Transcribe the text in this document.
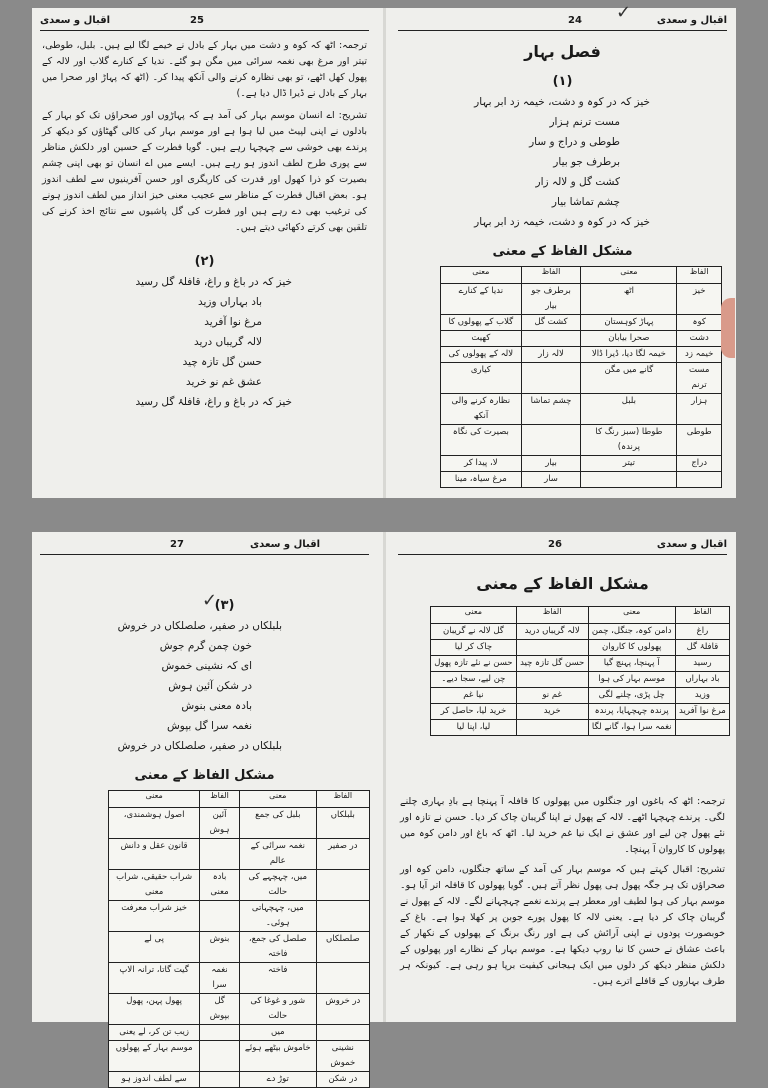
25
اقبال و سعدی

ترجمہ: اٹھ کہ کوہ و دشت میں بہار کے بادل نے خیمے لگا لیے ہیں۔ بلبل، طوطی، تیتر اور مرغ بھی نغمہ سرائی میں مگن ہو گئے۔ ندیا کے کنارے گلاب اور لالہ کے پھول کھل اٹھے، تو بھی نظارہ کرنے والی آنکھ پیدا کر۔ (اٹھ کہ پہاڑ اور صحرا میں بہار کے بادل نے ڈیرا ڈال دیا ہے۔)

تشریح: اے انسان موسم بہار کی آمد ہے کہ پہاڑوں اور صحراؤں تک کو بہار کے بادلوں نے اپنی لپیٹ میں لیا ہوا ہے اور موسم بہار کی کالی گھٹاؤں کو دیکھ کر پرندے بھی خوشی سے چہچہا رہے ہیں۔ گویا فطرت کے حسین اور دلکش مناظر سے پوری طرح لطف اندوز ہو رہے ہیں۔ ایسے میں اے انسان تو بھی اپنی چشم بصیرت کو ذرا کھول اور قدرت کی کاریگری اور حسن آفرینیوں سے لطف اندوز ہو۔ بعض اقبال فطرت کے مناظر سے عجیب معنی خیز انداز میں لطف اندوز ہونے کی ترغیب بھی دے رہے ہیں اور فطرت کی گل پاشیوں سے نتائج اخذ کرنے کی تلقین بھی کرتے دکھائی دیتے ہیں۔

(۲)
خیز کہ در باغ و راغ، قافلۂ گل رسید
باد بہاراں وزید
مرغ نوا آفرید
لالہ گریباں درید
حسن گل تازہ چید
عشق غم نو خرید
خیز کہ در باغ و راغ، قافلۂ گل رسید
24	اقبال و سعدی
✓
فصل بہار
(۱)
خیز کہ در کوہ و دشت، خیمہ زد ابر بہار
مست ترنم ہزار
طوطی و دراج و سار
برطرف جو بیار
کشت گل و لالہ زار
چشم تماشا بیار
خیز کہ در کوہ و دشت، خیمہ زد ابر بہار
مشکل الفاظ کے معنی
الفاظ	معنی	الفاظ	معنی
خیز	اٹھ	برطرف جو بیار	ندیا کے کنارے
کوہ	پہاڑ کوہستان	کشت گل	گلاب کے پھولوں کا
دشت	صحرا بیابان		کھیت
خیمہ زد	خیمہ لگا دیا، ڈیرا ڈالا	لالہ زار	لالہ کے پھولوں کی
مست ترنم	گانے میں مگن		کیاری
ہزار	بلبل	چشم تماشا	نظارہ کرنے والی آنکھ
طوطی	طوطا (سبز رنگ کا پرندہ)		بصیرت کی نگاہ
دراج	تیتر	بیار	لا، پیدا کر
		سار	مرغ سیاہ، مینا
27	اقبال و سعدی
✓
(۳)
بلبلکاں در صفیر، صلصلکاں در خروش
خون چمن گرم جوش
ای کہ نشینی خموش
در شکن آئین ہوش
بادہ معنی بنوش
نغمہ سرا گل بپوش
بلبلکاں در صفیر، صلصلکاں در خروش
مشکل الفاظ کے معنی
الفاظ	معنی	الفاظ	معنی
بلبلکاں	بلبل کی جمع	آئین ہوش	اصول ہوشمندی،
در صفیر	نغمہ سرائی کے عالم		قانون عقل و دانش
	میں، چہچہے کی حالت	بادہ معنی	شراب حقیقی، شراب معنی
	میں، چہچہاتی ہوئی۔		خیز شراب معرفت
صلصلکاں	صلصل کی جمع، فاختہ	بنوش	پی لے
	فاختہ	نغمہ سرا	گیت گاتا، ترانہ الاپ
در خروش	شور و غوغا کی حالت	گل بپوش	پھول پہن، پھول
	میں		زیب تن کر، لے یعنی
نشینی خموش	خاموش بیٹھے ہوئے		موسم بہار کے پھولوں
در شکن	توڑ دے		سے لطف اندوز ہو
26	اقبال و سعدی
مشکل الفاظ کے معنی
الفاظ	معنی	الفاظ	معنی
راغ	دامن کوہ، جنگل، چمن	لالہ گریباں درید	گل لالہ نے گریبان
قافلۂ گل	پھولوں کا کاروان		چاک کر لیا
رسید	آ پہنچا، پہنچ گیا	حسن گل تازہ چید	حسن نے نئے تازہ پھول
باد بہاراں	موسم بہار کی ہوا		چن لیے، سجا دیے۔
وزید	چل پڑی، چلنے لگی	غم نو	نیا غم
مرغ نوا آفرید	پرندہ چہچہایا، پرندہ	خرید	خرید لیا، حاصل کر
	نغمہ سرا ہوا، گانے لگا		لیا، اپنا لیا

ترجمہ: اٹھ کہ باغوں اور جنگلوں میں پھولوں کا قافلہ آ پہنچا ہے بادِ بہاری چلنے لگی۔ پرندے چہچہا اٹھے۔ لالہ کے پھول نے اپنا گریبان چاک کر دیا۔ حسن نے تازہ اور نئے پھول چن لیے اور عشق نے ایک نیا غم خرید لیا۔ اٹھ کہ باغ اور دامن کوہ میں پھولوں کا کاروان آ پہنچا۔

تشریح: اقبال کہتے ہیں کہ موسم بہار کی آمد کے ساتھ جنگلوں، دامن کوہ اور صحراؤں تک ہر جگہ پھول ہی پھول نظر آتے ہیں۔ گویا پھولوں کا قافلہ اتر آیا ہو۔ موسم بہار کی ہوا لطیف اور معطر ہے پرندے نغمے چہچہانے لگے۔ لالہ کے پھول نے گریبان چاک کر دیا ہے۔ یعنی لالہ کا پھول پورے جوبن پر کھلا ہوا ہے۔ باغ کے خوبصورت پودوں نے اپنی آرائش کی ہے اور رنگ برنگ کے پھولوں کے نکھار کے باعث عشاق نے حسن کا نیا روپ دیکھا ہے۔ موسم بہار کے نظارے اور پھولوں کے دلکش منظر دیکھ کر دلوں میں ایک ہیجانی کیفیت برپا ہو رہی ہے۔ کیونکہ ہر طرف بہاروں کے قافلے اترے ہیں۔
